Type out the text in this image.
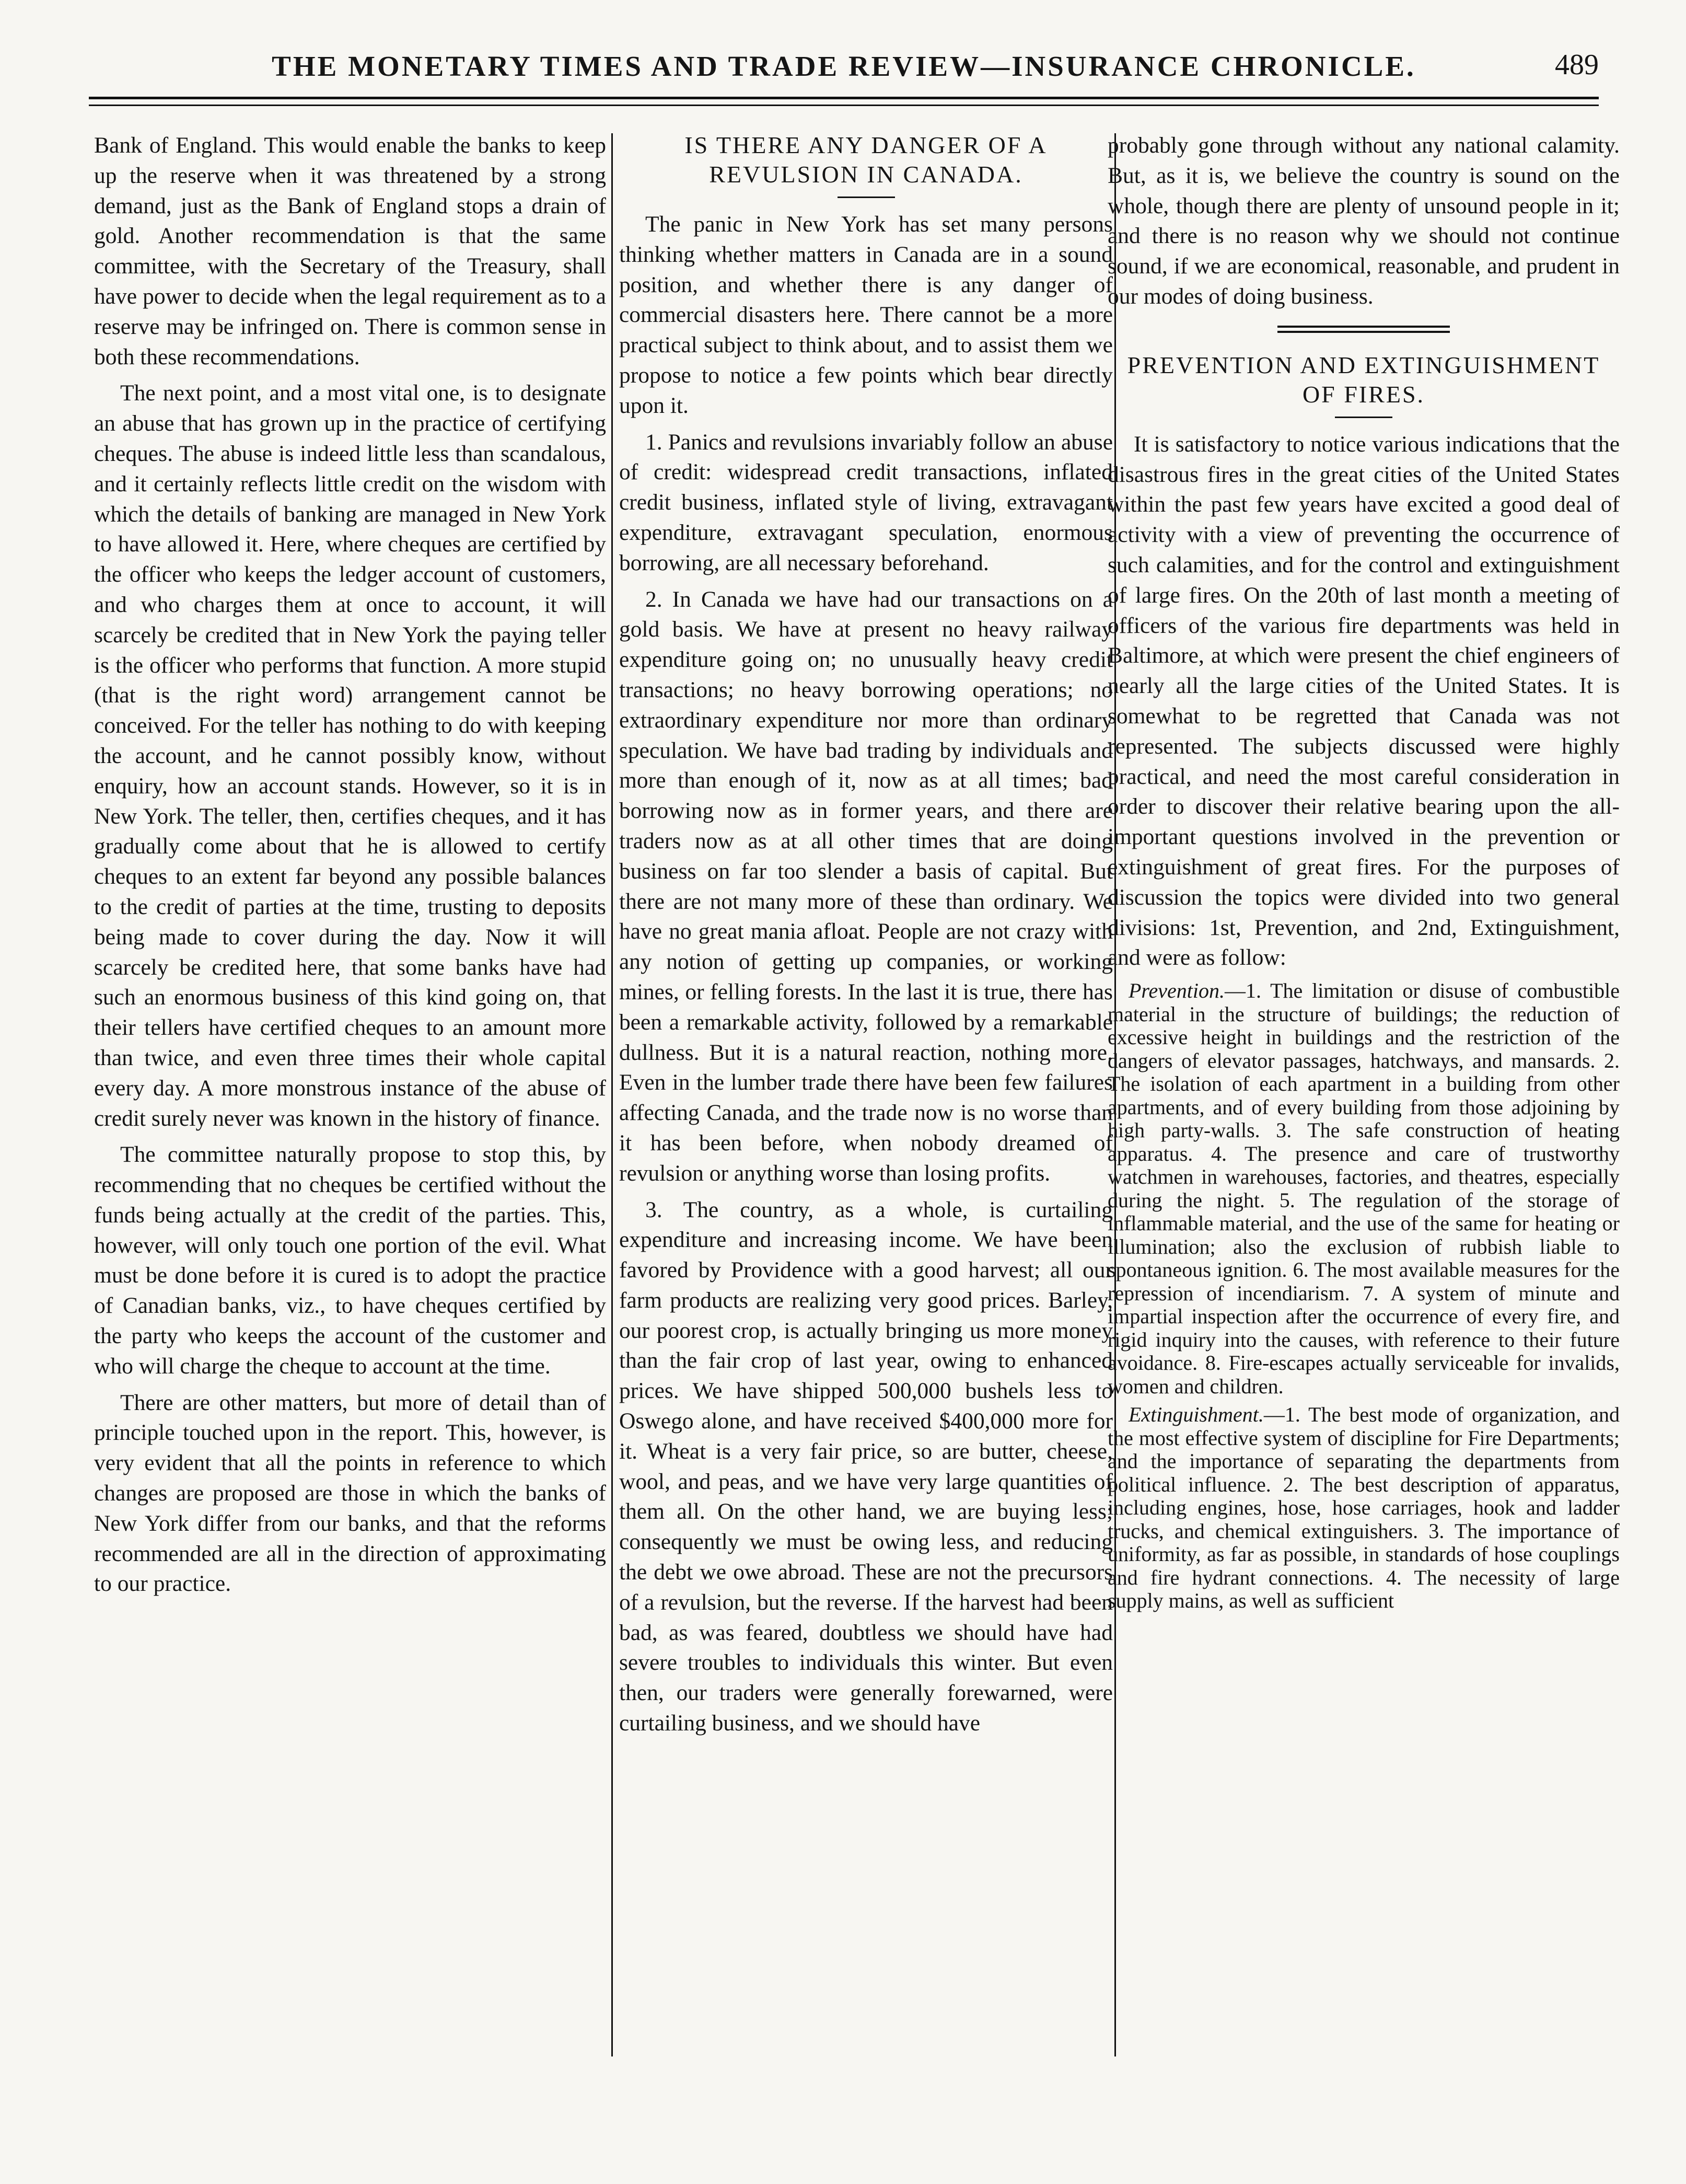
THE MONETARY TIMES AND TRADE REVIEW—INSURANCE CHRONICLE.	489

Bank of England. This would enable the banks to keep up the reserve when it was threatened by a strong demand, just as the Bank of England stops a drain of gold. Another recommendation is that the same committee, with the Secretary of the Treasury, shall have power to decide when the legal requirement as to a reserve may be infringed on. There is common sense in both these recommendations.

The next point, and a most vital one, is to designate an abuse that has grown up in the practice of certifying cheques. The abuse is indeed little less than scandalous, and it certainly reflects little credit on the wisdom with which the details of banking are managed in New York to have allowed it. Here, where cheques are certified by the officer who keeps the ledger account of customers, and who charges them at once to account, it will scarcely be credited that in New York the paying teller is the officer who performs that function. A more stupid (that is the right word) arrangement cannot be conceived. For the teller has nothing to do with keeping the account, and he cannot possibly know, without enquiry, how an account stands. However, so it is in New York. The teller, then, certifies cheques, and it has gradually come about that he is allowed to certify cheques to an extent far beyond any possible balances to the credit of parties at the time, trusting to deposits being made to cover during the day. Now it will scarcely be credited here, that some banks have had such an enormous business of this kind going on, that their tellers have certified cheques to an amount more than twice, and even three times their whole capital every day. A more monstrous instance of the abuse of credit surely never was known in the history of finance.

The committee naturally propose to stop this, by recommending that no cheques be certified without the funds being actually at the credit of the parties. This, however, will only touch one portion of the evil. What must be done before it is cured is to adopt the practice of Canadian banks, viz., to have cheques certified by the party who keeps the account of the customer and who will charge the cheque to account at the time.

There are other matters, but more of detail than of principle touched upon in the report. This, however, is very evident that all the points in reference to which changes are proposed are those in which the banks of New York differ from our banks, and that the reforms recommended are all in the direction of approximating to our practice.

IS THERE ANY DANGER OF A REVULSION IN CANADA.

The panic in New York has set many persons thinking whether matters in Canada are in a sound position, and whether there is any danger of commercial disasters here. There cannot be a more practical subject to think about, and to assist them we propose to notice a few points which bear directly upon it.

1. Panics and revulsions invariably follow an abuse of credit: widespread credit transactions, inflated credit business, inflated style of living, extravagant expenditure, extravagant speculation, enormous borrowing, are all necessary beforehand.

2. In Canada we have had our transactions on a gold basis. We have at present no heavy railway expenditure going on; no unusually heavy credit transactions; no heavy borrowing operations; no extraordinary expenditure nor more than ordinary speculation. We have bad trading by individuals and more than enough of it, now as at all times; bad borrowing now as in former years, and there are traders now as at all other times that are doing business on far too slender a basis of capital. But there are not many more of these than ordinary. We have no great mania afloat. People are not crazy with any notion of getting up companies, or working mines, or felling forests. In the last it is true, there has been a remarkable activity, followed by a remarkable dullness. But it is a natural reaction, nothing more. Even in the lumber trade there have been few failures affecting Canada, and the trade now is no worse than it has been before, when nobody dreamed of revulsion or anything worse than losing profits.

3. The country, as a whole, is curtailing expenditure and increasing income. We have been favored by Providence with a good harvest; all our farm products are realizing very good prices. Barley, our poorest crop, is actually bringing us more money than the fair crop of last year, owing to enhanced prices. We have shipped 500,000 bushels less to Oswego alone, and have received $400,000 more for it. Wheat is a very fair price, so are butter, cheese, wool, and peas, and we have very large quantities of them all. On the other hand, we are buying less; consequently we must be owing less, and reducing the debt we owe abroad. These are not the precursors of a revulsion, but the reverse. If the harvest had been bad, as was feared, doubtless we should have had severe troubles to individuals this winter. But even then, our traders were generally forewarned, were curtailing business, and we should have

probably gone through without any national calamity. But, as it is, we believe the country is sound on the whole, though there are plenty of unsound people in it; and there is no reason why we should not continue sound, if we are economical, reasonable, and prudent in our modes of doing business.

PREVENTION AND EXTINGUISHMENT OF FIRES.

It is satisfactory to notice various indications that the disastrous fires in the great cities of the United States within the past few years have excited a good deal of activity with a view of preventing the occurrence of such calamities, and for the control and extinguishment of large fires. On the 20th of last month a meeting of officers of the various fire departments was held in Baltimore, at which were present the chief engineers of nearly all the large cities of the United States. It is somewhat to be regretted that Canada was not represented. The subjects discussed were highly practical, and need the most careful consideration in order to discover their relative bearing upon the all-important questions involved in the prevention or extinguishment of great fires. For the purposes of discussion the topics were divided into two general divisions: 1st, Prevention, and 2nd, Extinguishment, and were as follow:

Prevention.—1. The limitation or disuse of combustible material in the structure of buildings; the reduction of excessive height in buildings and the restriction of the dangers of elevator passages, hatchways, and mansards. 2. The isolation of each apartment in a building from other apartments, and of every building from those adjoining by high party-walls. 3. The safe construction of heating apparatus. 4. The presence and care of trustworthy watchmen in warehouses, factories, and theatres, especially during the night. 5. The regulation of the storage of inflammable material, and the use of the same for heating or illumination; also the exclusion of rubbish liable to spontaneous ignition. 6. The most available measures for the repression of incendiarism. 7. A system of minute and impartial inspection after the occurrence of every fire, and rigid inquiry into the causes, with reference to their future avoidance. 8. Fire-escapes actually serviceable for invalids, women and children.

Extinguishment.—1. The best mode of organization, and the most effective system of discipline for Fire Departments; and the importance of separating the departments from political influence. 2. The best description of apparatus, including engines, hose, hose carriages, hook and ladder trucks, and chemical extinguishers. 3. The importance of uniformity, as far as possible, in standards of hose couplings and fire hydrant connections. 4. The necessity of large supply mains, as well as sufficient
